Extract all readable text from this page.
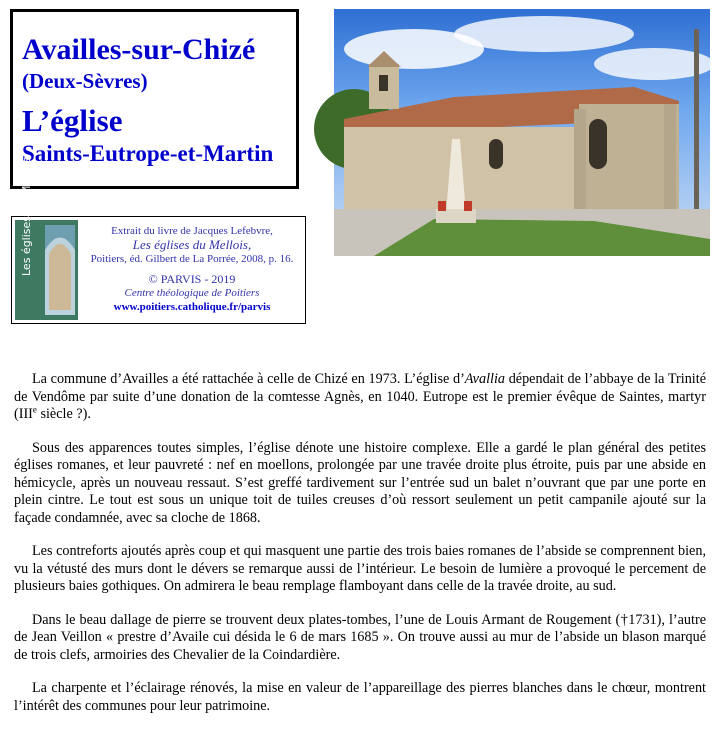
Availles-sur-Chizé
(Deux-Sèvres)
L’église
Saints-Eutrope-et-Martin
Les églises du Mellois	Extrait du livre de Jacques Lefebvre,
Les églises du Mellois,
Poitiers, éd. Gilbert de La Porrée, 2008, p. 16.
© PARVIS - 2019
Centre théologique de Poitiers
www.poitiers.catholique.fr/parvis

La commune d’Availles a été rattachée à celle de Chizé en 1973. L’église d’Avallia dépendait de l’abbaye de la Trinité de Vendôme par suite d’une donation de la comtesse Agnès, en 1040. Eutrope est le premier évêque de Saintes, martyr (IIIe siècle ?).

Sous des apparences toutes simples, l’église dénote une histoire complexe. Elle a gardé le plan général des petites églises romanes, et leur pauvreté : nef en moellons, prolongée par une travée droite plus étroite, puis par une abside en hémicycle, après un nouveau ressaut. S’est greffé tardivement sur l’entrée sud un balet n’ouvrant que par une porte en plein cintre. Le tout est sous un unique toit de tuiles creuses d’où ressort seulement un petit campanile ajouté sur la façade condamnée, avec sa cloche de 1868.

Les contreforts ajoutés après coup et qui masquent une partie des trois baies romanes de l’abside se comprennent bien, vu la vétusté des murs dont le dévers se remarque aussi de l’intérieur. Le besoin de lumière a provoqué le percement de plusieurs baies gothiques. On admirera le beau remplage flamboyant dans celle de la travée droite, au sud.

Dans le beau dallage de pierre se trouvent deux plates-tombes, l’une de Louis Armant de Rougement (†1731), l’autre de Jean Veillon « prestre d’Availe cui désida le 6 de mars 1685 ». On trouve aussi au mur de l’abside un blason marqué de trois clefs, armoiries des Chevalier de la Coindardière.

La charpente et l’éclairage rénovés, la mise en valeur de l’appareillage des pierres blanches dans le chœur, montrent l’intérêt des communes pour leur patrimoine.
